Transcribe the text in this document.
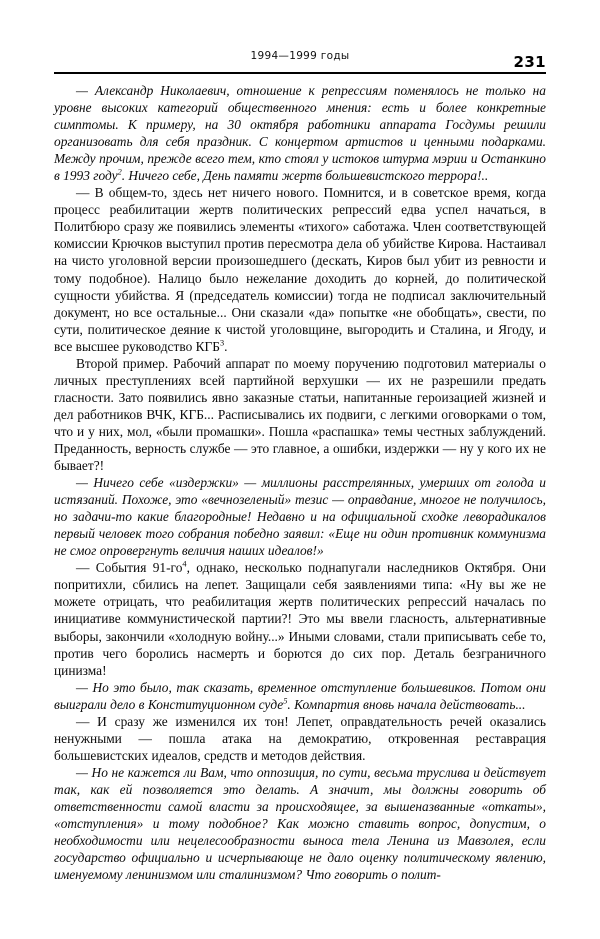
1994—1999 годы	231

— Александр Николаевич, отношение к репрессиям поменялось не только на уровне высоких категорий общественного мнения: есть и более конкретные симптомы. К примеру, на 30 октября работники аппарата Госдумы решили организовать для себя праздник. С концертом артистов и ценными подарками. Между прочим, прежде всего тем, кто стоял у истоков штурма мэрии и Останкино в 1993 году$^2$. Ничего себе, День памяти жертв большевистского террора!..

— В общем-то, здесь нет ничего нового. Помнится, и в советское время, когда процесс реабилитации жертв политических репрессий едва успел начаться, в Политбюро сразу же появились элементы «тихого» саботажа. Член соответствующей комиссии Крючков выступил против пересмотра дела об убийстве Кирова. Настаивал на чисто уголовной версии произошедшего (дескать, Киров был убит из ревности и тому подобное). Налицо было нежелание доходить до корней, до политической сущности убийства. Я (председатель комиссии) тогда не подписал заключительный документ, но все остальные... Они сказали «да» попытке «не обобщать», свести, по сути, политическое деяние к чистой уголовщине, выгородить и Сталина, и Ягоду, и все высшее руководство КГБ$^3$.

Второй пример. Рабочий аппарат по моему поручению подготовил материалы о личных преступлениях всей партийной верхушки — их не разрешили предать гласности. Зато появились явно заказные статьи, напитанные героизацией жизней и дел работников ВЧК, КГБ... Расписывались их подвиги, с легкими оговорками о том, что и у них, мол, «были промашки». Пошла «распашка» темы честных заблуждений. Преданность, верность службе — это главное, а ошибки, издержки — ну у кого их не бывает?!

— Ничего себе «издержки» — миллионы расстрелянных, умерших от голода и истязаний. Похоже, это «вечнозеленый» тезис — оправдание, многое не получилось, но задачи-то какие благородные! Недавно и на официальной сходке леворадикалов первый человек того собрания победно заявил: «Еще ни один противник коммунизма не смог опровергнуть величия наших идеалов!»

— События $91-го^4$, однако, несколько поднапугали наследников Октября. Они попритихли, сбились на лепет. Защищали себя заявлениями типа: «Ну вы же не можете отрицать, что реабилитация жертв политических репрессий началась по инициативе коммунистической партии?! Это мы ввели гласность, альтернативные выборы, закончили «холодную войну...» Иными словами, стали приписывать себе то, против чего боролись насмерть и борются до сих пор. Деталь безграничного цинизма!

— Но это было, так сказать, временное отступление большевиков. Потом они выиграли дело в Конституционном суде$^5$. Компартия вновь начала действовать...

— И сразу же изменился их тон! Лепет, оправдательность речей оказались ненужными — пошла атака на демократию, откровенная реставрация большевистских идеалов, средств и методов действия.

— Но не кажется ли Вам, что оппозиция, по сути, весьма труслива и действует так, как ей позволяется это делать. А значит, мы должны говорить об ответственности самой власти за происходящее, за вышеназванные «откаты», «отступления» и тому подобное? Как можно ставить вопрос, допустим, о необходимости или нецелесообразности выноса тела Ленина из Мавзолея, если государство официально и исчерпывающе не дало оценку политическому явлению, именуемому ленинизмом или сталинизмом? Что говорить о полит-
